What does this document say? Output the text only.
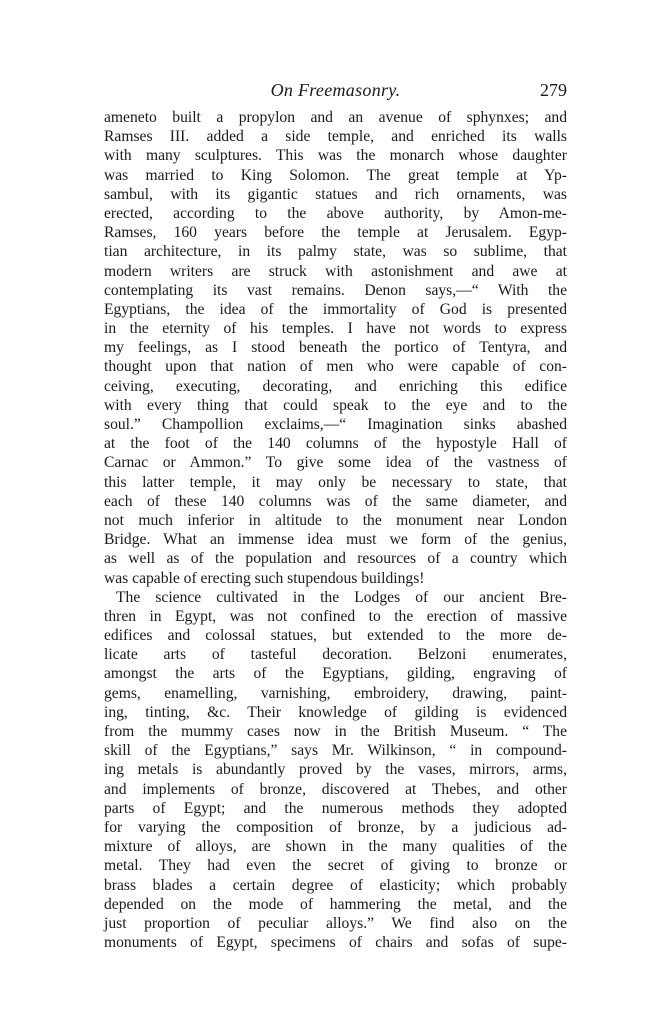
On Freemasonry.	279
ameneto built a propylon and an avenue of sphynxes; and
Ramses III. added a side temple, and enriched its walls
with many sculptures. This was the monarch whose daughter
was married to King Solomon. The great temple at Yp-
sambul, with its gigantic statues and rich ornaments, was
erected, according to the above authority, by Amon-me-
Ramses, 160 years before the temple at Jerusalem. Egyp-
tian architecture, in its palmy state, was so sublime, that
modern writers are struck with astonishment and awe at
contemplating its vast remains. Denon says,—“ With the
Egyptians, the idea of the immortality of God is presented
in the eternity of his temples. I have not words to express
my feelings, as I stood beneath the portico of Tentyra, and
thought upon that nation of men who were capable of con-
ceiving, executing, decorating, and enriching this edifice
with every thing that could speak to the eye and to the
soul.” Champollion exclaims,—“ Imagination sinks abashed
at the foot of the 140 columns of the hypostyle Hall of
Carnac or Ammon.” To give some idea of the vastness of
this latter temple, it may only be necessary to state, that
each of these 140 columns was of the same diameter, and
not much inferior in altitude to the monument near London
Bridge. What an immense idea must we form of the genius,
as well as of the population and resources of a country which
was capable of erecting such stupendous buildings!
The science cultivated in the Lodges of our ancient Bre-
thren in Egypt, was not confined to the erection of massive
edifices and colossal statues, but extended to the more de-
licate arts of tasteful decoration. Belzoni enumerates,
amongst the arts of the Egyptians, gilding, engraving of
gems, enamelling, varnishing, embroidery, drawing, paint-
ing, tinting, &c. Their knowledge of gilding is evidenced
from the mummy cases now in the British Museum. “ The
skill of the Egyptians,” says Mr. Wilkinson, “ in compound-
ing metals is abundantly proved by the vases, mirrors, arms,
and implements of bronze, discovered at Thebes, and other
parts of Egypt; and the numerous methods they adopted
for varying the composition of bronze, by a judicious ad-
mixture of alloys, are shown in the many qualities of the
metal. They had even the secret of giving to bronze or
brass blades a certain degree of elasticity; which probably
depended on the mode of hammering the metal, and the
just proportion of peculiar alloys.” We find also on the
monuments of Egypt, specimens of chairs and sofas of supe-
